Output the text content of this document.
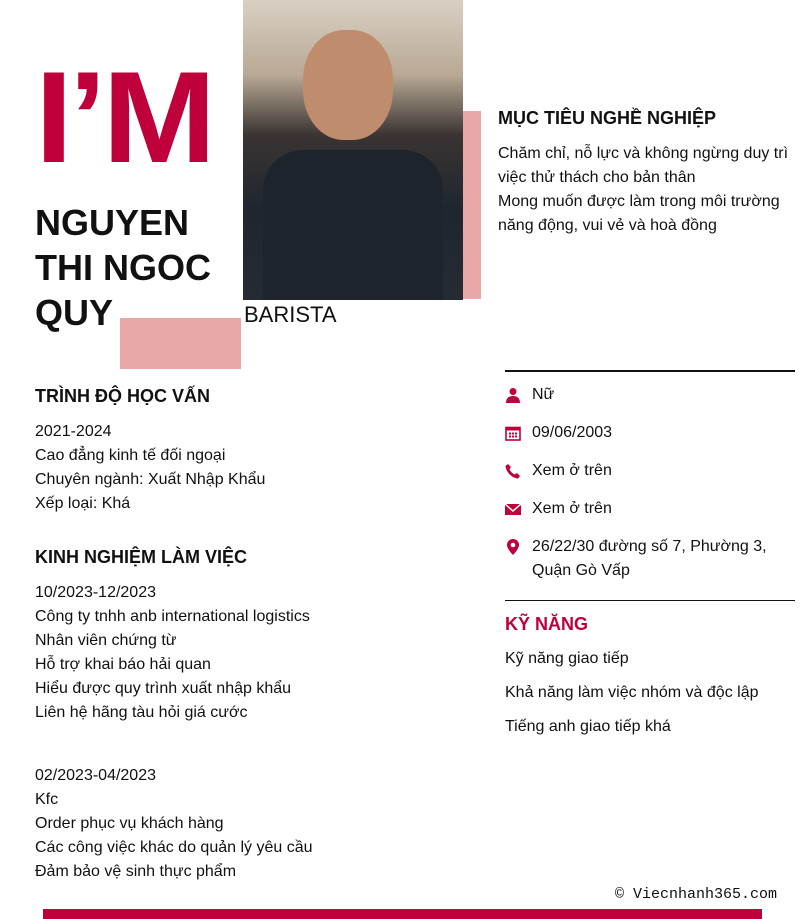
I’M
NGUYEN THI NGOC QUY	BARISTA
MỤC TIÊU NGHỀ NGHIỆP
Chăm chỉ, nỗ lực và không ngừng duy trì việc thử thách cho bản thân
Mong muốn được làm trong môi trường năng động, vui vẻ và hoà đồng
Nữ
09/06/2003
Xem ở trên
Xem ở trên
26/22/30 đường số 7, Phường 3, Quận Gò Vấp
KỸ NĂNG
Kỹ năng giao tiếp
Khả năng làm việc nhóm và độc lập
Tiếng anh giao tiếp khá
TRÌNH ĐỘ HỌC VẤN
2021-2024
Cao đẳng kinh tế đối ngoại
Chuyên ngành: Xuất Nhập Khẩu
Xếp loại: Khá
KINH NGHIỆM LÀM VIỆC
10/2023-12/2023
Công ty tnhh anb international logistics
Nhân viên chứng từ
Hỗ trợ khai báo hải quan
Hiểu được quy trình xuất nhập khẩu
Liên hệ hãng tàu hỏi giá cước
02/2023-04/2023
Kfc
Order phục vụ khách hàng
Các công việc khác do quản lý yêu cầu
Đảm bảo vệ sinh thực phẩm
© Viecnhanh365.com
